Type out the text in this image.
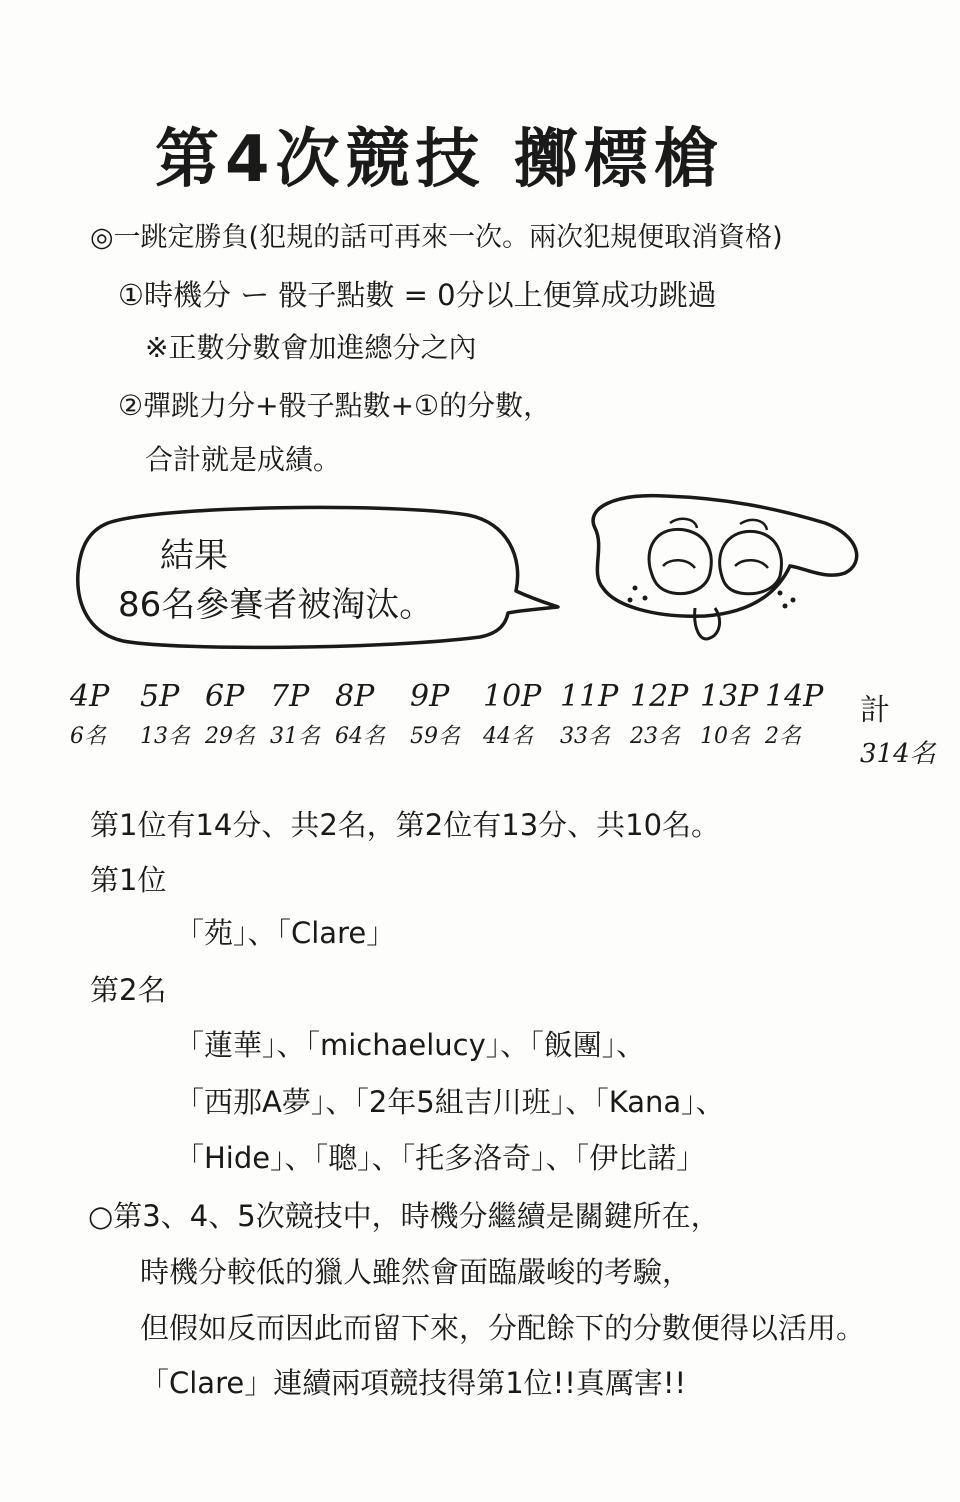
第4次競技 擲標槍
◎一跳定勝負(犯規的話可再來一次。兩次犯規便取消資格)
①時機分 ー 骰子點數 = 0分以上便算成功跳過
※正數分數會加進總分之內
②彈跳力分+骰子點數+①的分數，
合計就是成績。
結果
86名參賽者被淘汰。
4P
6名
5P
13名
6P
29名
7P
31名
8P
64名
9P
59名
10P
44名
11P
33名
12P
23名
13P
10名
14P
2名
計
314名
第1位有14分、共2名，第2位有13分、共10名。
第1位
「苑」、「Clare」
第2名
「蓮華」、「michaelucy」、「飯團」、
「西那A夢」、「2年5組吉川班」、「Kana」、
「Hide」、「聰」、「托多洛奇」、「伊比諾」
○第3、4、5次競技中，時機分繼續是關鍵所在，
時機分較低的獵人雖然會面臨嚴峻的考驗，
但假如反而因此而留下來，分配餘下的分數便得以活用。
「Clare」連續兩項競技得第1位!!真厲害!!
